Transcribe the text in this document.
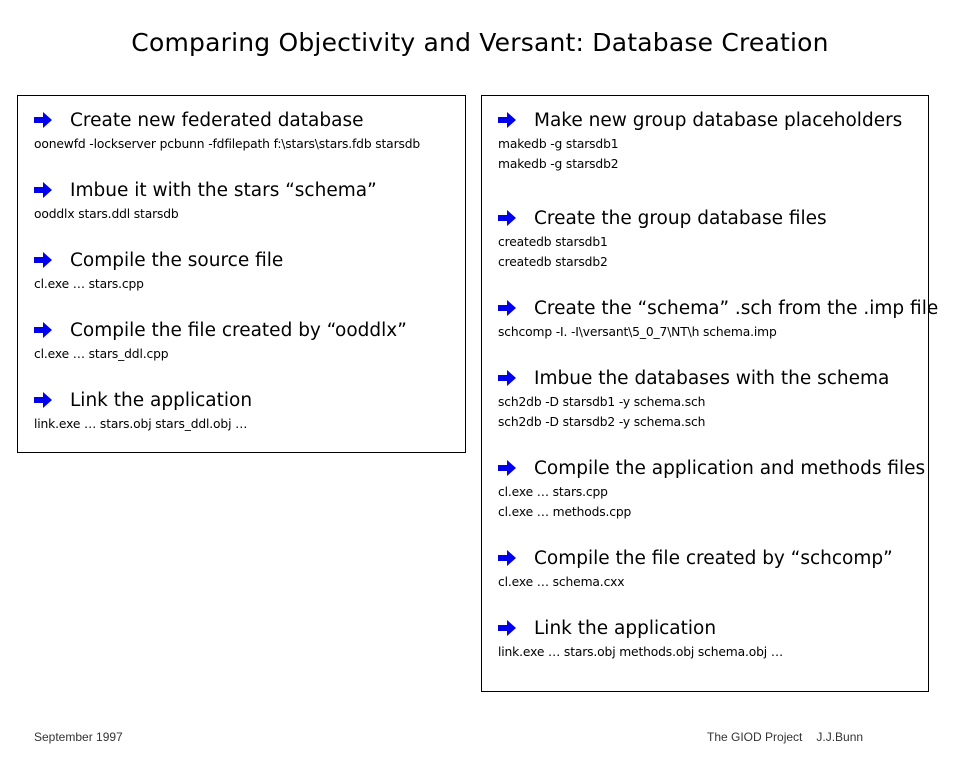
Comparing Objectivity and Versant: Database Creation
Create new federated database
oonewfd -lockserver pcbunn -fdfilepath f:\stars\stars.fdb starsdb
Imbue it with the stars “schema”
ooddlx stars.ddl starsdb
Compile the source file
cl.exe … stars.cpp
Compile the file created by “ooddlx”
cl.exe … stars_ddl.cpp
Link the application
link.exe … stars.obj stars_ddl.obj …
Make new group database placeholders
makedb -g starsdb1
makedb -g starsdb2
Create the group database files
createdb starsdb1
createdb starsdb2
Create the “schema” .sch from the .imp file
schcomp -I. -I\versant\5_0_7\NT\h schema.imp
Imbue the databases with the schema
sch2db -D starsdb1 -y schema.sch
sch2db -D starsdb2 -y schema.sch
Compile the application and methods files
cl.exe … stars.cpp
cl.exe … methods.cpp
Compile the file created by “schcomp”
cl.exe … schema.cxx
Link the application
link.exe … stars.obj methods.obj schema.obj …
September 1997	The GIOD Project J.J.Bunn
